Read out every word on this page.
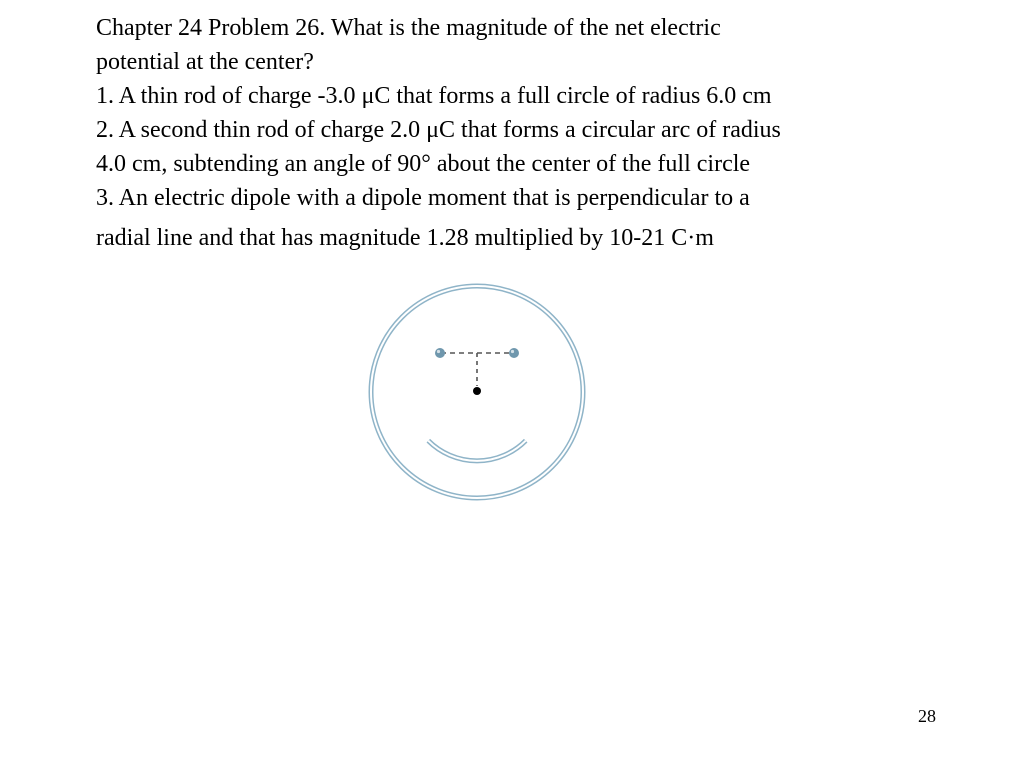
Chapter 24 Problem 26. What is the magnitude of the net electric
potential at the center?
1. A thin rod of charge -3.0 μC that forms a full circle of radius 6.0 cm
2. A second thin rod of charge 2.0 μC that forms a circular arc of radius
4.0 cm, subtending an angle of 90° about the center of the full circle
3. An electric dipole with a dipole moment that is perpendicular to a
radial line and that has magnitude 1.28 multiplied by 10-21 C·m
28
